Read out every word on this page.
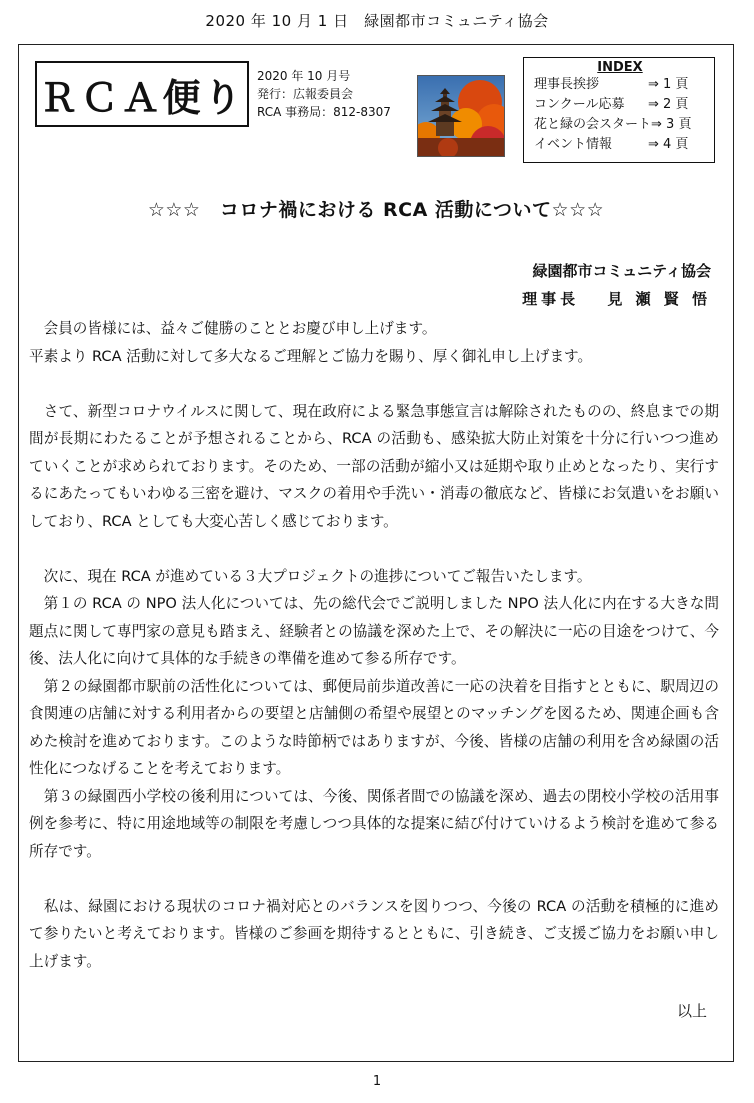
2020 年 10 月 1 日　緑園都市コミュニティ協会
ＲＣＡ便り	2020 年 10 月号
発行：広報委員会
RCA 事務局：812-8307
INDEX
理事長挨拶	⇒ 1 頁
コンクール応募 ⇒ 2 頁
花と緑の会スタート ⇒ 3 頁
イベント情報	⇒ 4 頁
☆☆☆　コロナ禍における RCA 活動について☆☆☆
緑園都市コミュニティ協会
理事長　 見 瀬 賢 悟

　会員の皆様には、益々ご健勝のこととお慶び申し上げます。

平素より RCA 活動に対して多大なるご理解とご協力を賜り、厚く御礼申し上げます。

　さて、新型コロナウイルスに関して、現在政府による緊急事態宣言は解除されたものの、終息までの期間が長期にわたることが予想されることから、RCA の活動も、感染拡大防止対策を十分に行いつつ進めていくことが求められております。そのため、一部の活動が縮小又は延期や取り止めとなったり、実行するにあたってもいわゆる三密を避け、マスクの着用や手洗い・消毒の徹底など、皆様にお気遣いをお願いしており、RCA としても大変心苦しく感じております。

　次に、現在 RCA が進めている３大プロジェクトの進捗についてご報告いたします。

　第１の RCA の NPO 法人化については、先の総代会でご説明しました NPO 法人化に内在する大きな問題点に関して専門家の意見も踏まえ、経験者との協議を深めた上で、その解決に一応の目途をつけて、今後、法人化に向けて具体的な手続きの準備を進めて参る所存です。

　第２の緑園都市駅前の活性化については、郵便局前歩道改善に一応の決着を目指すとともに、駅周辺の食関連の店舗に対する利用者からの要望と店舗側の希望や展望とのマッチングを図るため、関連企画も含めた検討を進めております。このような時節柄ではありますが、今後、皆様の店舗の利用を含め緑園の活性化につなげることを考えております。

　第３の緑園西小学校の後利用については、今後、関係者間での協議を深め、過去の閉校小学校の活用事例を参考に、特に用途地域等の制限を考慮しつつ具体的な提案に結び付けていけるよう検討を進めて参る所存です。

　私は、緑園における現状のコロナ禍対応とのバランスを図りつつ、今後の RCA の活動を積極的に進めて参りたいと考えております。皆様のご参画を期待するとともに、引き続き、ご支援ご協力をお願い申し上げます。

以上
1
